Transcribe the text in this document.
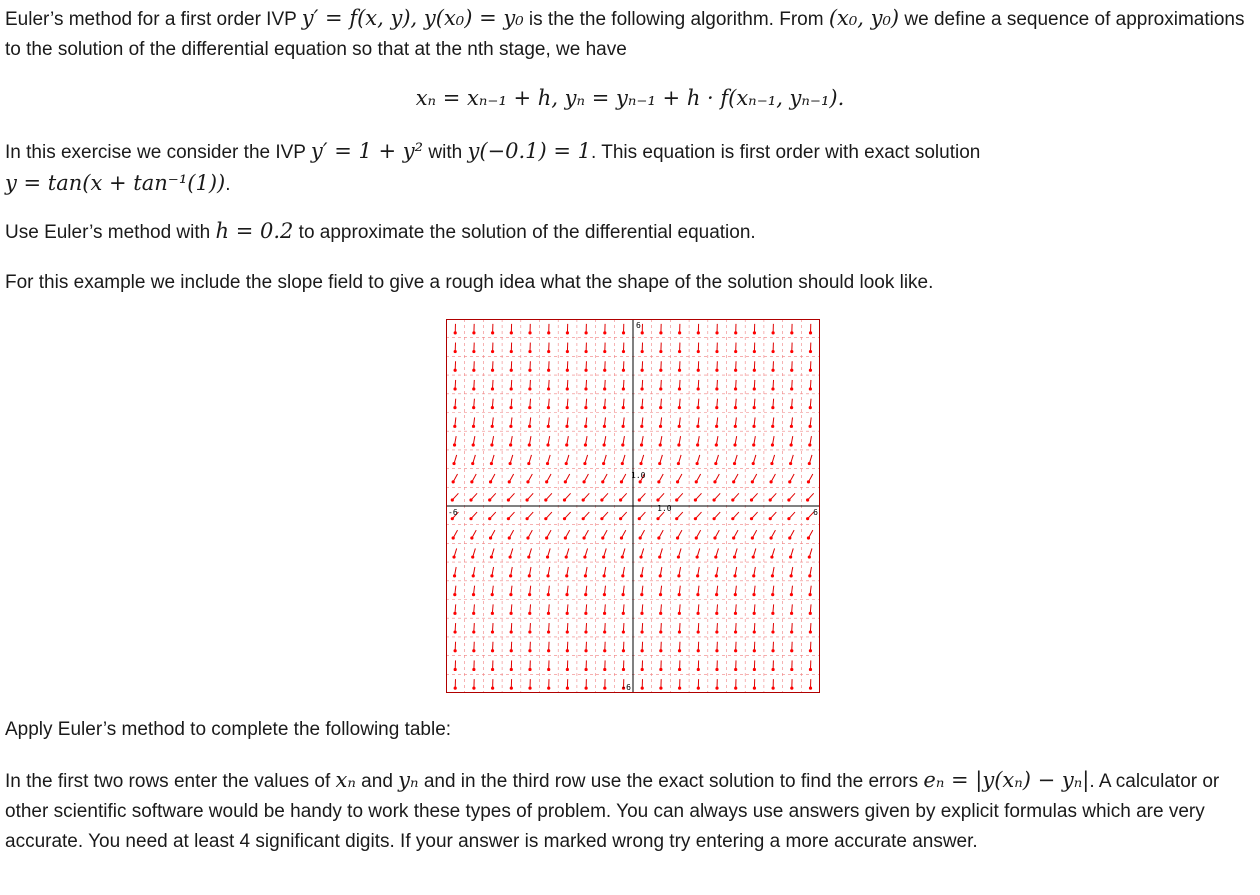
Euler’s method for a first order IVP y′ = f(x, y), y(x₀) = y₀ is the the following algorithm. From (x₀, y₀) we define a sequence of approximations to the solution of the differential equation so that at the nth stage, we have

xₙ = xₙ₋₁ + h, yₙ = yₙ₋₁ + h · f(xₙ₋₁, yₙ₋₁).

In this exercise we consider the IVP y′ = 1 + y² with y(−0.1) = 1. This equation is first order with exact solution
y = tan(x + tan⁻¹(1)).

Use Euler’s method with h = 0.2 to approximate the solution of the differential equation.

For this example we include the slope field to give a rough idea what the shape of the solution should look like.

6
-6
-6	6
1.0
1.0

Apply Euler’s method to complete the following table:

In the first two rows enter the values of xₙ and yₙ and in the third row use the exact solution to find the errors eₙ = |y(xₙ) − yₙ|. A calculator or other scientific software would be handy to work these types of problem. You can always use answers given by explicit formulas which are very accurate. You need at least 4 significant digits. If your answer is marked wrong try entering a more accurate answer.
